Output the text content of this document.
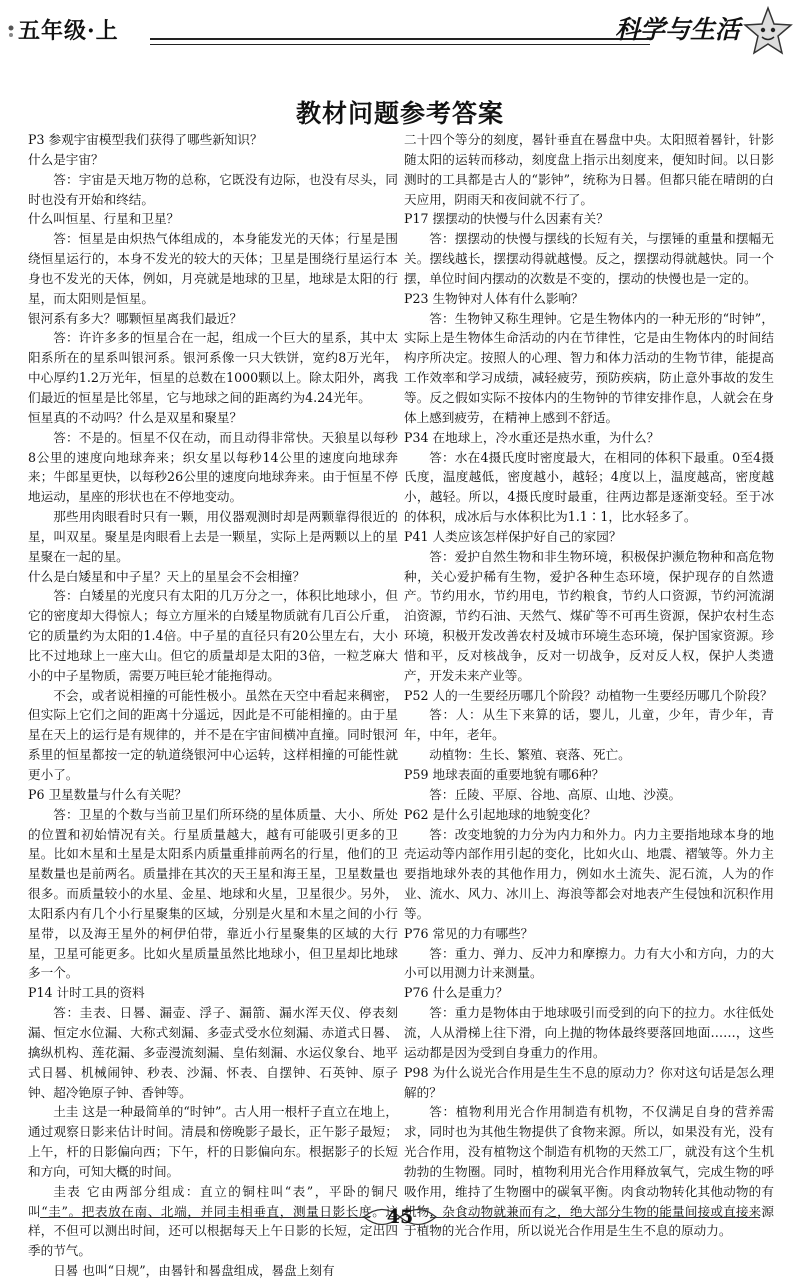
五年级·上	科学与生活
教材问题参考答案

P3 参观宇宙模型我们获得了哪些新知识？

什么是宇宙？

答：宇宙是天地万物的总称，它既没有边际，也没有尽头，同时也没有开始和终结。

什么叫恒星、行星和卫星？

答：恒星是由炽热气体组成的，本身能发光的天体；行星是围绕恒星运行的，本身不发光的较大的天体；卫星是围绕行星运行本身也不发光的天体，例如，月亮就是地球的卫星，地球是太阳的行星，而太阳则是恒星。

银河系有多大？哪颗恒星离我们最近？

答：许许多多的恒星合在一起，组成一个巨大的星系，其中太阳系所在的星系叫银河系。银河系像一只大铁饼，宽约8万光年，中心厚约1.2万光年，恒星的总数在1000颗以上。除太阳外，离我们最近的恒星是比邻星，它与地球之间的距离约为4.24光年。

恒星真的不动吗？什么是双星和聚星？

答：不是的。恒星不仅在动，而且动得非常快。天狼星以每秒8公里的速度向地球奔来；织女星以每秒14公里的速度向地球奔来；牛郎星更快，以每秒26公里的速度向地球奔来。由于恒星不停地运动，星座的形状也在不停地变动。

那些用肉眼看时只有一颗，用仪器观测时却是两颗靠得很近的星，叫双星。聚星是肉眼看上去是一颗星，实际上是两颗以上的星星聚在一起的星。

什么是白矮星和中子星？天上的星星会不会相撞？

答：白矮星的光度只有太阳的几万分之一，体积比地球小，但它的密度却大得惊人；每立方厘米的白矮星物质就有几百公斤重，它的质量约为太阳的1.4倍。中子星的直径只有20公里左右，大小比不过地球上一座大山。但它的质量却是太阳的3倍，一粒芝麻大小的中子星物质，需要万吨巨轮才能拖得动。

不会，或者说相撞的可能性极小。虽然在天空中看起来稠密，但实际上它们之间的距离十分遥远，因此是不可能相撞的。由于星星在天上的运行是有规律的，并不是在宇宙间横冲直撞。同时银河系里的恒星都按一定的轨道绕银河中心运转，这样相撞的可能性就更小了。

P6 卫星数量与什么有关呢？

答：卫星的个数与当前卫星们所环绕的星体质量、大小、所处的位置和初始情况有关。行星质量越大，越有可能吸引更多的卫星。比如木星和土星是太阳系内质量重排前两名的行星，他们的卫星数量也是前两名。质量排在其次的天王星和海王星，卫星数量也很多。而质量较小的水星、金星、地球和火星，卫星很少。另外，太阳系内有几个小行星聚集的区域，分别是火星和木星之间的小行星带，以及海王星外的柯伊伯带，靠近小行星聚集的区域的大行星，卫星可能更多。比如火星质量虽然比地球小，但卫星却比地球多一个。

P14 计时工具的资料

答：圭表、日晷、漏壶、浮子、漏箭、漏水浑天仪、停表刻漏、恒定水位漏、大称式刻漏、多壶式受水位刻漏、赤道式日晷、擒纵机构、莲花漏、多壶漫流刻漏、皇佑刻漏、水运仪象台、地平式日晷、机械闹钟、秒表、沙漏、怀表、自摆钟、石英钟、原子钟、超冷铯原子钟、香钟等。

土圭 这是一种最简单的“时钟”。古人用一根杆子直立在地上，通过观察日影来估计时间。清晨和傍晚影子最长，正午影子最短；上午，杆的日影偏向西；下午，杆的日影偏向东。根据影子的长短和方向，可知大概的时间。

圭表 它由两部分组成：直立的铜柱叫“表”，平卧的铜尺叫“圭”。把表放在南、北端，并同圭相垂直，测量日影长度。这样，不但可以测出时间，还可以根据每天上午日影的长短，定出四季的节气。

日晷 也叫“日规”，由晷针和晷盘组成，晷盘上刻有

二十四个等分的刻度，晷针垂直在晷盘中央。太阳照着晷针，针影随太阳的运转而移动，刻度盘上指示出刻度来，便知时间。以日影测时的工具都是古人的“影钟”，统称为日晷。但都只能在晴朗的白天应用，阴雨天和夜间就不行了。

P17 摆摆动的快慢与什么因素有关？

答：摆摆动的快慢与摆线的长短有关，与摆锤的重量和摆幅无关。摆线越长，摆摆动得就越慢。反之，摆摆动得就越快。同一个摆，单位时间内摆动的次数是不变的，摆动的快慢也是一定的。

P23 生物钟对人体有什么影响？

答：生物钟又称生理钟。它是生物体内的一种无形的“时钟”，实际上是生物体生命活动的内在节律性，它是由生物体内的时间结构序所决定。按照人的心理、智力和体力活动的生物节律，能提高工作效率和学习成绩，减轻疲劳，预防疾病，防止意外事故的发生等。反之假如实际不按体内的生物钟的节律安排作息，人就会在身体上感到疲劳，在精神上感到不舒适。

P34 在地球上，冷水重还是热水重，为什么？

答：水在4摄氏度时密度最大，在相同的体积下最重。0至4摄氏度，温度越低，密度越小，越轻；4度以上，温度越高，密度越小，越轻。所以，4摄氏度时最重，往两边都是逐渐变轻。至于冰的体积，成冰后与水体积比为1.1∶1，比水轻多了。

P41 人类应该怎样保护好自己的家园？

答：爱护自然生物和非生物环境，积极保护濒危物种和高危物种，关心爱护稀有生物，爱护各种生态环境，保护现存的自然遗产。节约用水，节约用电，节约粮食，节约人口资源，节约河流湖泊资源，节约石油、天然气、煤矿等不可再生资源，保护农村生态环境，积极开发改善农村及城市环境生态环境，保护国家资源。珍惜和平，反对核战争，反对一切战争，反对反人权，保护人类遗产，开发未来产业等。

P52 人的一生要经历哪几个阶段？动植物一生要经历哪几个阶段？

答：人：从生下来算的话，婴儿，儿童，少年，青少年，青年，中年，老年。

动植物：生长、繁殖、衰落、死亡。

P59 地球表面的重要地貌有哪6种？

答：丘陵、平原、谷地、高原、山地、沙漠。

P62 是什么引起地球的地貌变化？

答：改变地貌的力分为内力和外力。内力主要指地球本身的地壳运动等内部作用引起的变化，比如火山、地震、褶皱等。外力主要指地球外表的其他作用力，例如水土流失、泥石流，人为的作业、流水、风力、冰川上、海浪等都会对地表产生侵蚀和沉积作用等。

P76 常见的力有哪些？

答：重力、弹力、反冲力和摩擦力。力有大小和方向，力的大小可以用测力计来测量。

P76 什么是重力？

答：重力是物体由于地球吸引而受到的向下的拉力。水往低处流，人从滑梯上往下滑，向上抛的物体最终要落回地面……，这些运动都是因为受到自身重力的作用。

P98 为什么说光合作用是生生不息的原动力？你对这句话是怎么理解的？

答：植物利用光合作用制造有机物，不仅满足自身的营养需求，同时也为其他生物提供了食物来源。所以，如果没有光，没有光合作用，没有植物这个制造有机物的天然工厂，就没有这个生机勃勃的生物圈。同时，植物利用光合作用释放氧气，完成生物的呼吸作用，维持了生物圈中的碳氧平衡。肉食动物转化其他动物的有机物，杂食动物就兼而有之，绝大部分生物的能量间接或直接来源于植物的光合作用，所以说光合作用是生生不息的原动力。

45
